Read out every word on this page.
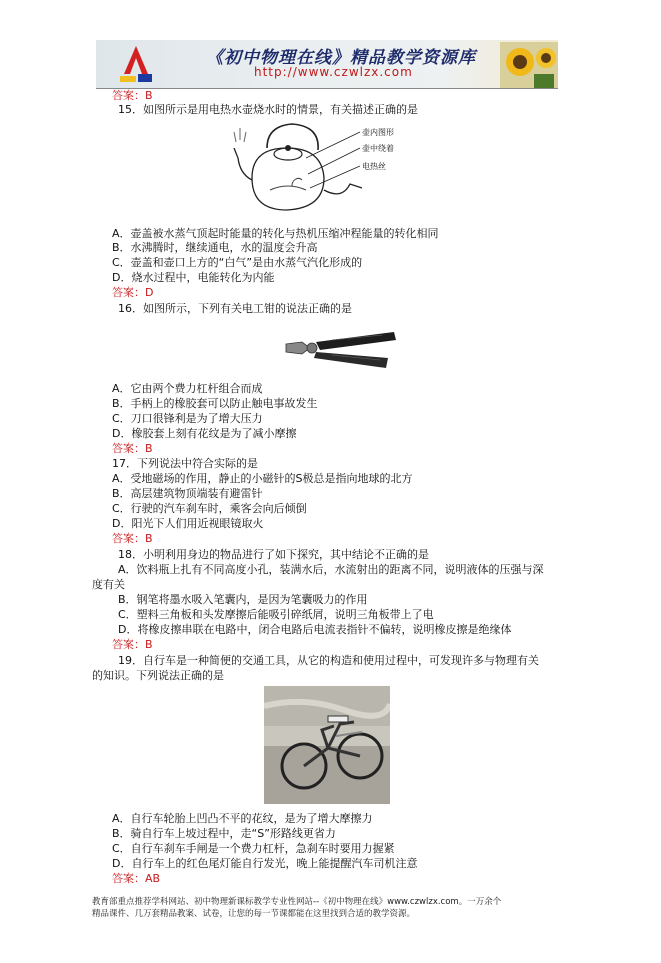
《初中物理在线》精品教学资源库
http://www.czwlzx.com
答案：B
15．如图所示是用电热水壶烧水时的情景，有关描述正确的是
壶内图形
壶中绕着
电热丝
A．壶盖被水蒸气顶起时能量的转化与热机压缩冲程能量的转化相同
B．水沸腾时，继续通电，水的温度会升高
C．壶盖和壶口上方的“白气”是由水蒸气汽化形成的
D．烧水过程中，电能转化为内能
答案：D
16．如图所示，下列有关电工钳的说法正确的是
A．它由两个费力杠杆组合而成
B．手柄上的橡胶套可以防止触电事故发生
C．刀口很锋利是为了增大压力
D．橡胶套上刻有花纹是为了减小摩擦
答案：B
17．下列说法中符合实际的是
A．受地磁场的作用，静止的小磁针的S极总是指向地球的北方
B．高层建筑物顶端装有避雷针
C．行驶的汽车刹车时，乘客会向后倾倒
D．阳光下人们用近视眼镜取火
答案：B
18．小明利用身边的物品进行了如下探究，其中结论不正确的是
A．饮料瓶上扎有不同高度小孔，装满水后，水流射出的距离不同，说明液体的压强与深
度有关
B．钢笔将墨水吸入笔囊内，是因为笔囊吸力的作用
C．塑料三角板和头发摩擦后能吸引碎纸屑，说明三角板带上了电
D．将橡皮擦串联在电路中，闭合电路后电流表指针不偏转，说明橡皮擦是绝缘体
答案：B
19．自行车是一种简便的交通工具，从它的构造和使用过程中，可发现许多与物理有关
的知识。下列说法正确的是
A．自行车轮胎上凹凸不平的花纹，是为了增大摩擦力
B．骑自行车上坡过程中，走“S”形路线更省力
C．自行车刹车手闸是一个费力杠杆，急刹车时要用力握紧
D．自行车上的红色尾灯能自行发光，晚上能提醒汽车司机注意
答案：AB
教育部重点推荐学科网站、初中物理新课标教学专业性网站--《初中物理在线》www.czwlzx.com。一万余个
精品课件、几万套精品教案、试卷，让您的每一节课都能在这里找到合适的教学资源。
